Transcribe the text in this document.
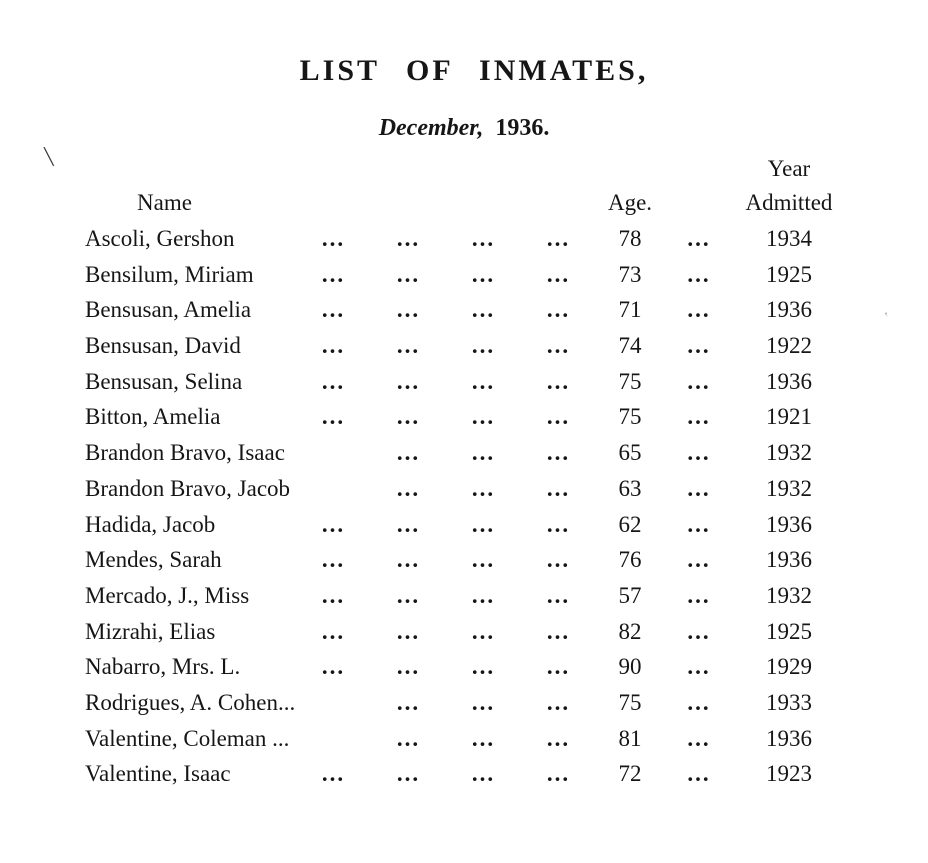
LIST OF INMATES,

December, 1936.

Year
Name	Age.	Admitted
Ascoli, Gershon	...	...	...	...	78	...	1934
Bensilum, Miriam	...	...	...	...	73	...	1925
Bensusan, Amelia	...	...	...	...	71	...	1936
Bensusan, David	...	...	...	...	74	...	1922
Bensusan, Selina	...	...	...	...	75	...	1936
Bitton, Amelia	...	...	...	...	75	...	1921
Brandon Bravo, Isaac	...	...	...	65	...	1932
Brandon Bravo, Jacob	...	...	...	63	...	1932
Hadida, Jacob	...	...	...	...	62	...	1936
Mendes, Sarah	...	...	...	...	76	...	1936
Mercado, J., Miss	...	...	...	...	57	...	1932
Mizrahi, Elias	...	...	...	...	82	...	1925
Nabarro, Mrs. L.	...	...	...	...	90	...	1929
Rodrigues, A. Cohen...	...	...	...	75	...	1933
Valentine, Coleman ...	...	...	...	81	...	1936
Valentine, Isaac	...	...	...	...	72	...	1923
╲
ʽ
